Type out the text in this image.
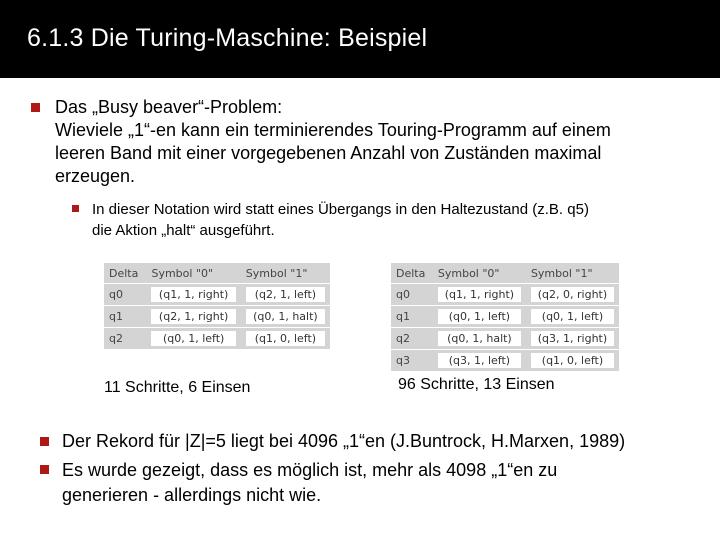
6.1.3 Die Turing-Maschine: Beispiel
Das „Busy beaver“-Problem:
Wieviele „1“-en kann ein terminierendes Touring-Programm auf einem
leeren Band mit einer vorgegebenen Anzahl von Zuständen maximal
erzeugen.
In dieser Notation wird statt eines Übergangs in den Haltezustand (z.B. q5)
die Aktion „halt“ ausgeführt.
Delta	Symbol "0"	Symbol "1"
q0	(q1, 1, right)	(q2, 1, left)

q1	(q2, 1, right)	(q0, 1, halt)

q2	(q0, 1, left)	(q1, 0, left)
11 Schritte, 6 Einsen
Delta	Symbol "0"	Symbol "1"
q0	(q1, 1, right)	(q2, 0, right)

q1	(q0, 1, left)	(q0, 1, left)

q2	(q0, 1, halt)	(q3, 1, right)

q3	(q3, 1, left)	(q1, 0, left)
96 Schritte, 13 Einsen
Der Rekord für |Z|=5 liegt bei 4096 „1“en (J.Buntrock, H.Marxen, 1989)
Es wurde gezeigt, dass es möglich ist, mehr als 4098 „1“en zu
generieren - allerdings nicht wie.
